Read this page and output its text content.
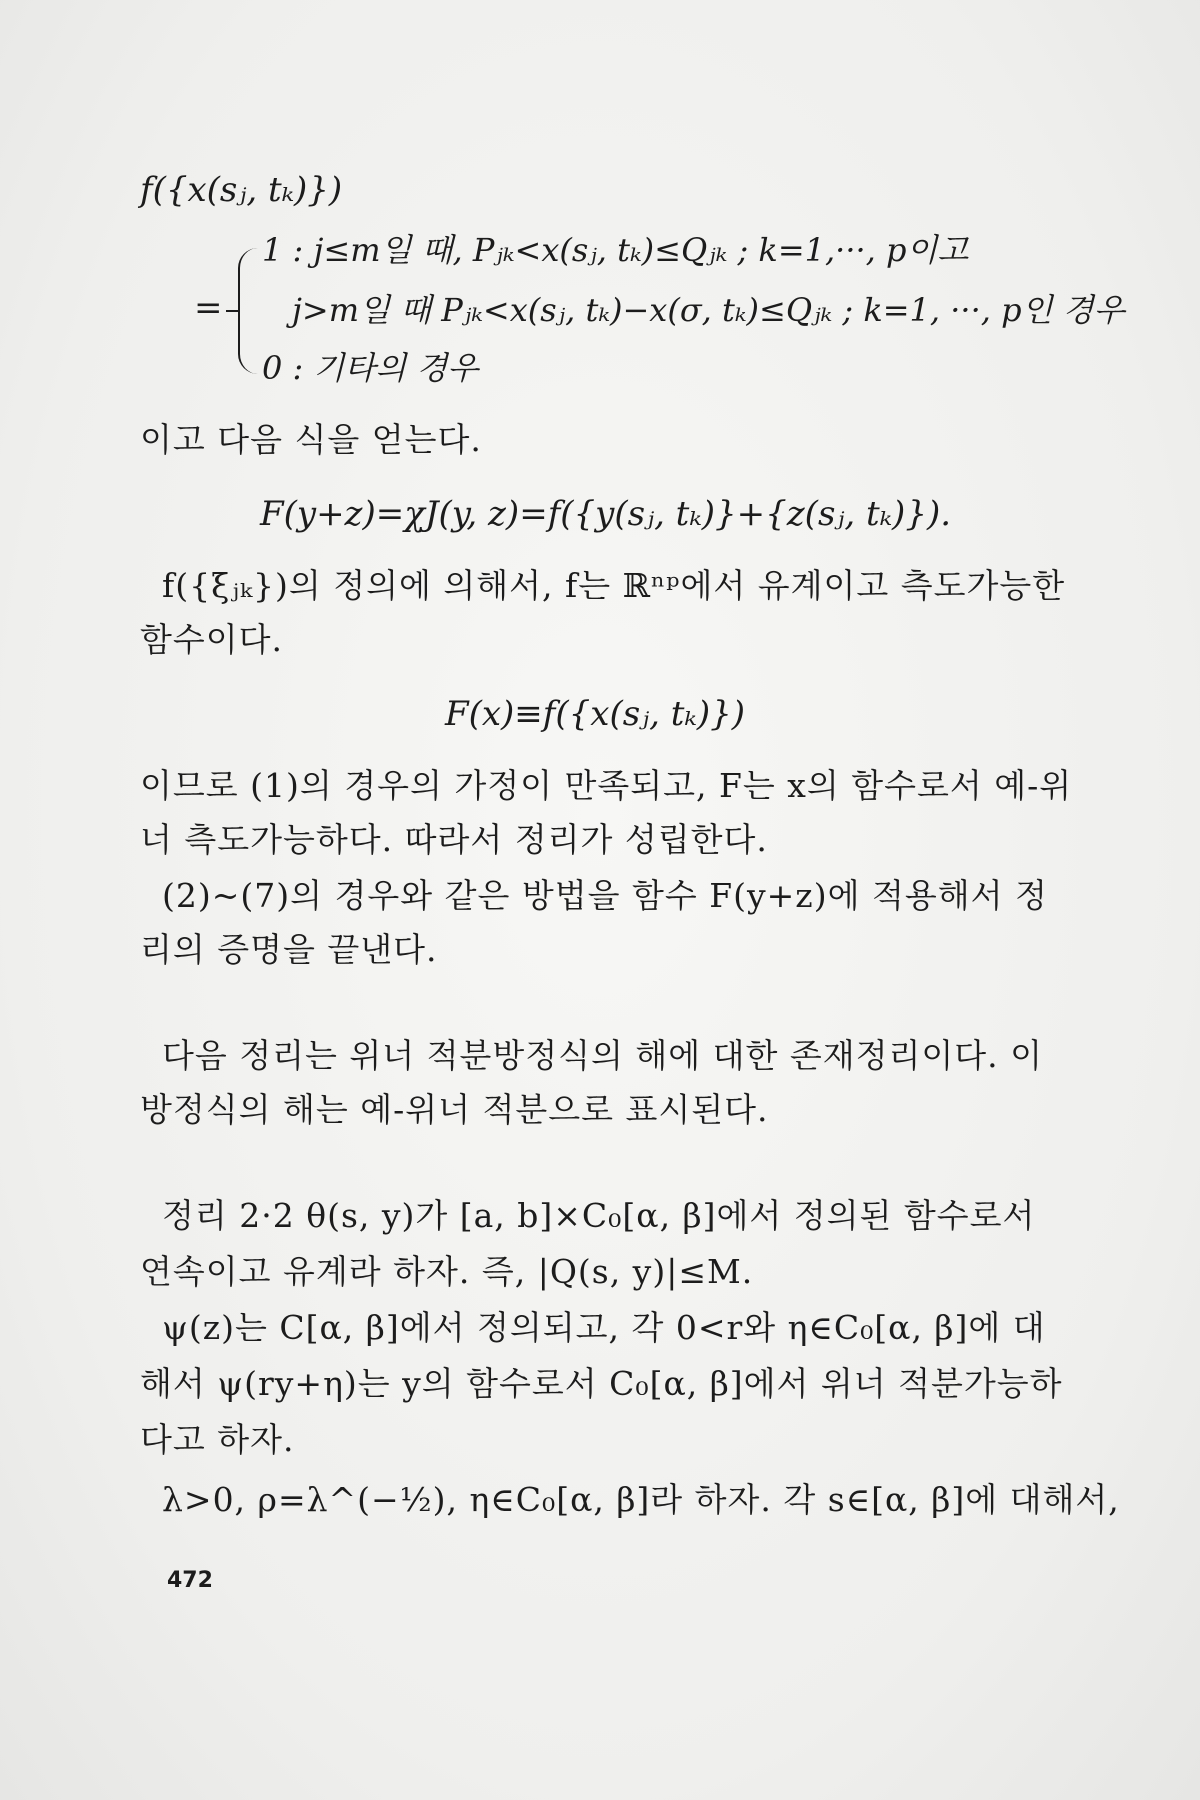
f({x(sⱼ, tₖ)})
=
1 : j≤m일 때, Pⱼₖ<x(sⱼ, tₖ)≤Qⱼₖ ; k=1,···, p이고
j>m일 때 Pⱼₖ<x(sⱼ, tₖ)−x(σ, tₖ)≤Qⱼₖ ; k=1, ···, p인 경우
0 : 기타의 경우
이고 다음 식을 얻는다.
F(y+z)=χJ(y, z)=f({y(sⱼ, tₖ)}+{z(sⱼ, tₖ)}).
f({ξⱼₖ})의 정의에 의해서, f는 ℝⁿᵖ에서 유계이고 측도가능한
함수이다.
F(x)≡f({x(sⱼ, tₖ)})
이므로 (1)의 경우의 가정이 만족되고, F는 x의 함수로서 예-위
너 측도가능하다. 따라서 정리가 성립한다.
(2)~(7)의 경우와 같은 방법을 함수 F(y+z)에 적용해서 정
리의 증명을 끝낸다.
다음 정리는 위너 적분방정식의 해에 대한 존재정리이다. 이
방정식의 해는 예-위너 적분으로 표시된다.
정리 2·2 θ(s, y)가 [a, b]×C₀[α, β]에서 정의된 함수로서
연속이고 유계라 하자. 즉, |Q(s, y)|≤M.
ψ(z)는 C[α, β]에서 정의되고, 각 0<r와 η∈C₀[α, β]에 대
해서 ψ(ry+η)는 y의 함수로서 C₀[α, β]에서 위너 적분가능하
다고 하자.
λ>0, ρ=λ^(−½), η∈C₀[α, β]라 하자. 각 s∈[α, β]에 대해서,
472
